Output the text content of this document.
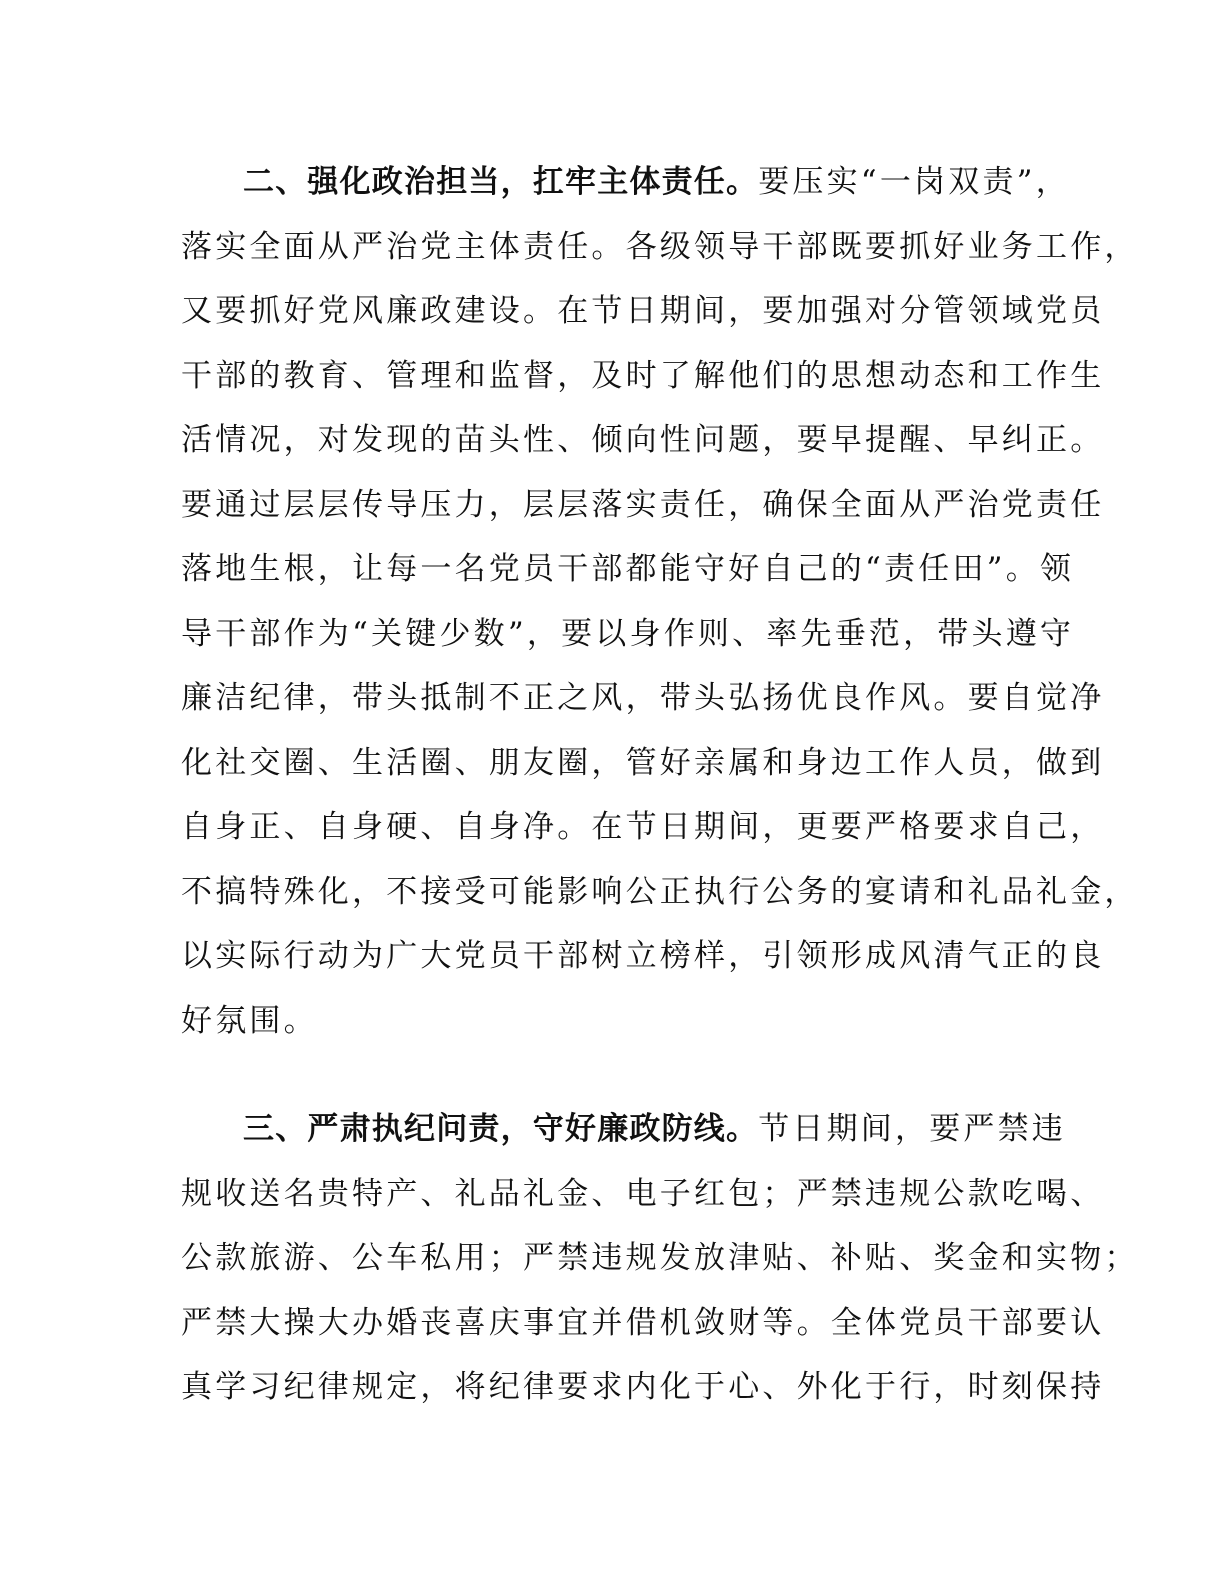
二、强化政治担当，扛牢主体责任。要压实“一岗双责”，
落实全面从严治党主体责任。各级领导干部既要抓好业务工作，
又要抓好党风廉政建设。在节日期间，要加强对分管领域党员
干部的教育、管理和监督，及时了解他们的思想动态和工作生
活情况，对发现的苗头性、倾向性问题，要早提醒、早纠正。
要通过层层传导压力，层层落实责任，确保全面从严治党责任
落地生根，让每一名党员干部都能守好自己的“责任田”。领
导干部作为“关键少数”，要以身作则、率先垂范，带头遵守
廉洁纪律，带头抵制不正之风，带头弘扬优良作风。要自觉净
化社交圈、生活圈、朋友圈，管好亲属和身边工作人员，做到
自身正、自身硬、自身净。在节日期间，更要严格要求自己，
不搞特殊化，不接受可能影响公正执行公务的宴请和礼品礼金，
以实际行动为广大党员干部树立榜样，引领形成风清气正的良
好氛围。
三、严肃执纪问责，守好廉政防线。节日期间，要严禁违
规收送名贵特产、礼品礼金、电子红包；严禁违规公款吃喝、
公款旅游、公车私用；严禁违规发放津贴、补贴、奖金和实物；
严禁大操大办婚丧喜庆事宜并借机敛财等。全体党员干部要认
真学习纪律规定，将纪律要求内化于心、外化于行，时刻保持
